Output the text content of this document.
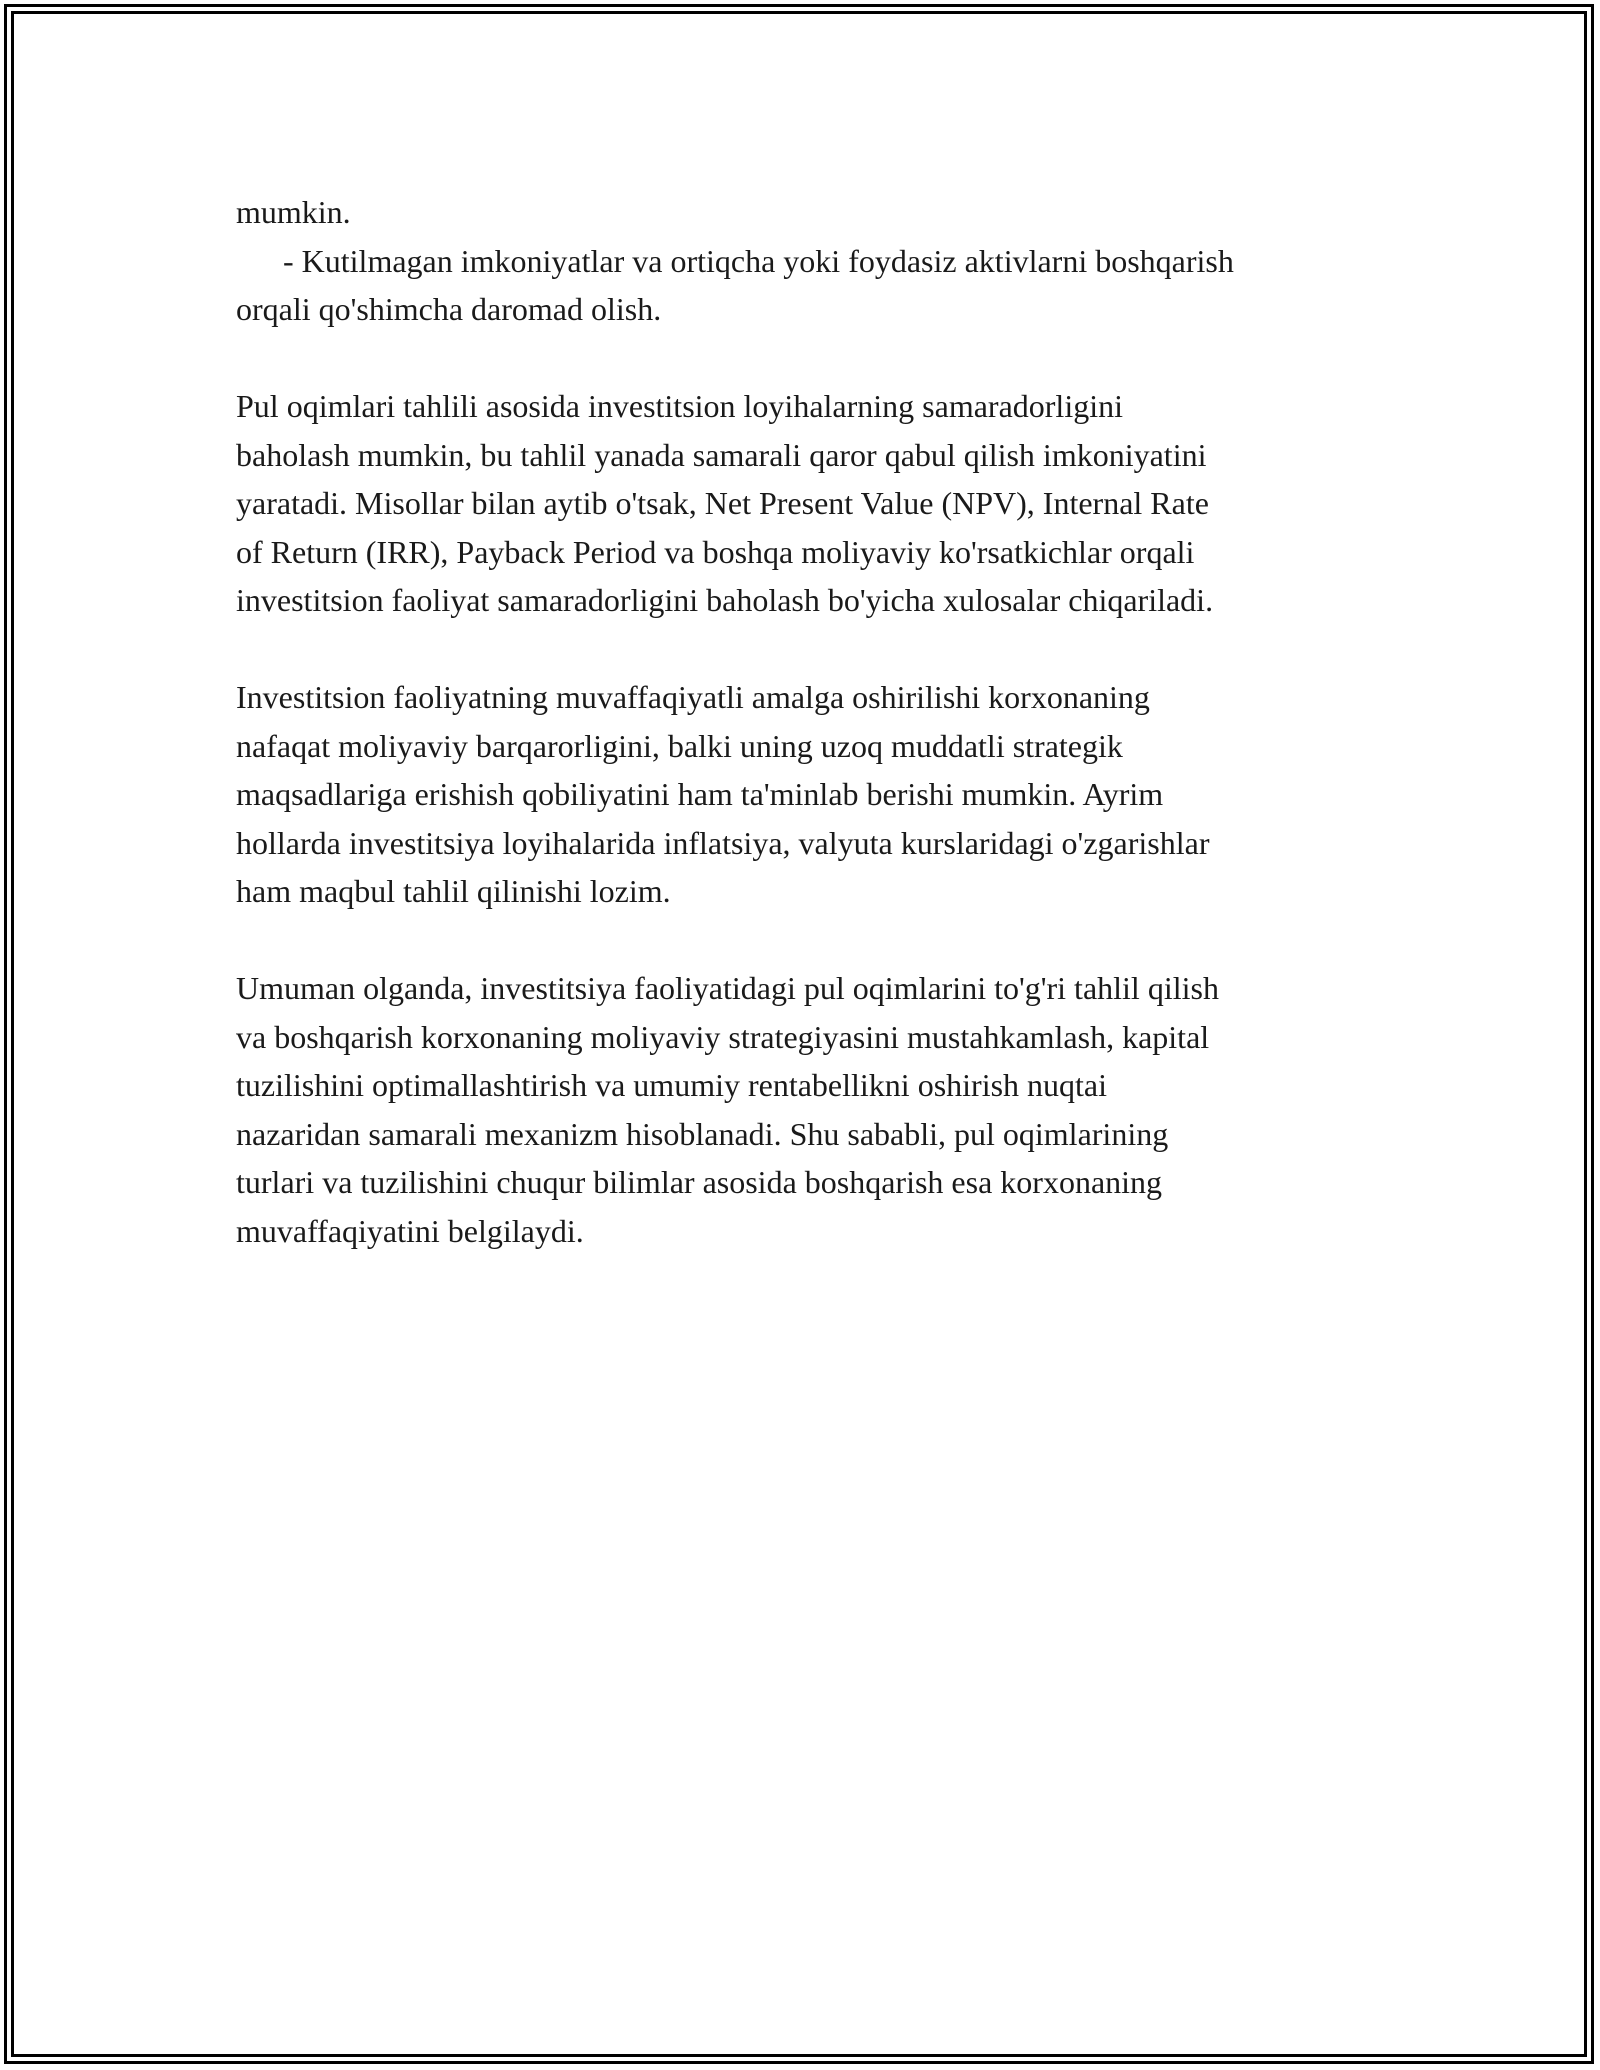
mumkin.
- Kutilmagan imkoniyatlar va ortiqcha yoki foydasiz aktivlarni boshqarish
orqali qo'shimcha daromad olish.

Pul oqimlari tahlili asosida investitsion loyihalarning samaradorligini
baholash mumkin, bu tahlil yanada samarali qaror qabul qilish imkoniyatini
yaratadi. Misollar bilan aytib o'tsak, Net Present Value (NPV), Internal Rate
of Return (IRR), Payback Period va boshqa moliyaviy ko'rsatkichlar orqali
investitsion faoliyat samaradorligini baholash bo'yicha xulosalar chiqariladi.

Investitsion faoliyatning muvaffaqiyatli amalga oshirilishi korxonaning
nafaqat moliyaviy barqarorligini, balki uning uzoq muddatli strategik
maqsadlariga erishish qobiliyatini ham ta'minlab berishi mumkin. Ayrim
hollarda investitsiya loyihalarida inflatsiya, valyuta kurslaridagi o'zgarishlar
ham maqbul tahlil qilinishi lozim.

Umuman olganda, investitsiya faoliyatidagi pul oqimlarini to'g'ri tahlil qilish
va boshqarish korxonaning moliyaviy strategiyasini mustahkamlash, kapital
tuzilishini optimallashtirish va umumiy rentabellikni oshirish nuqtai
nazaridan samarali mexanizm hisoblanadi. Shu sababli, pul oqimlarining
turlari va tuzilishini chuqur bilimlar asosida boshqarish esa korxonaning
muvaffaqiyatini belgilaydi.
